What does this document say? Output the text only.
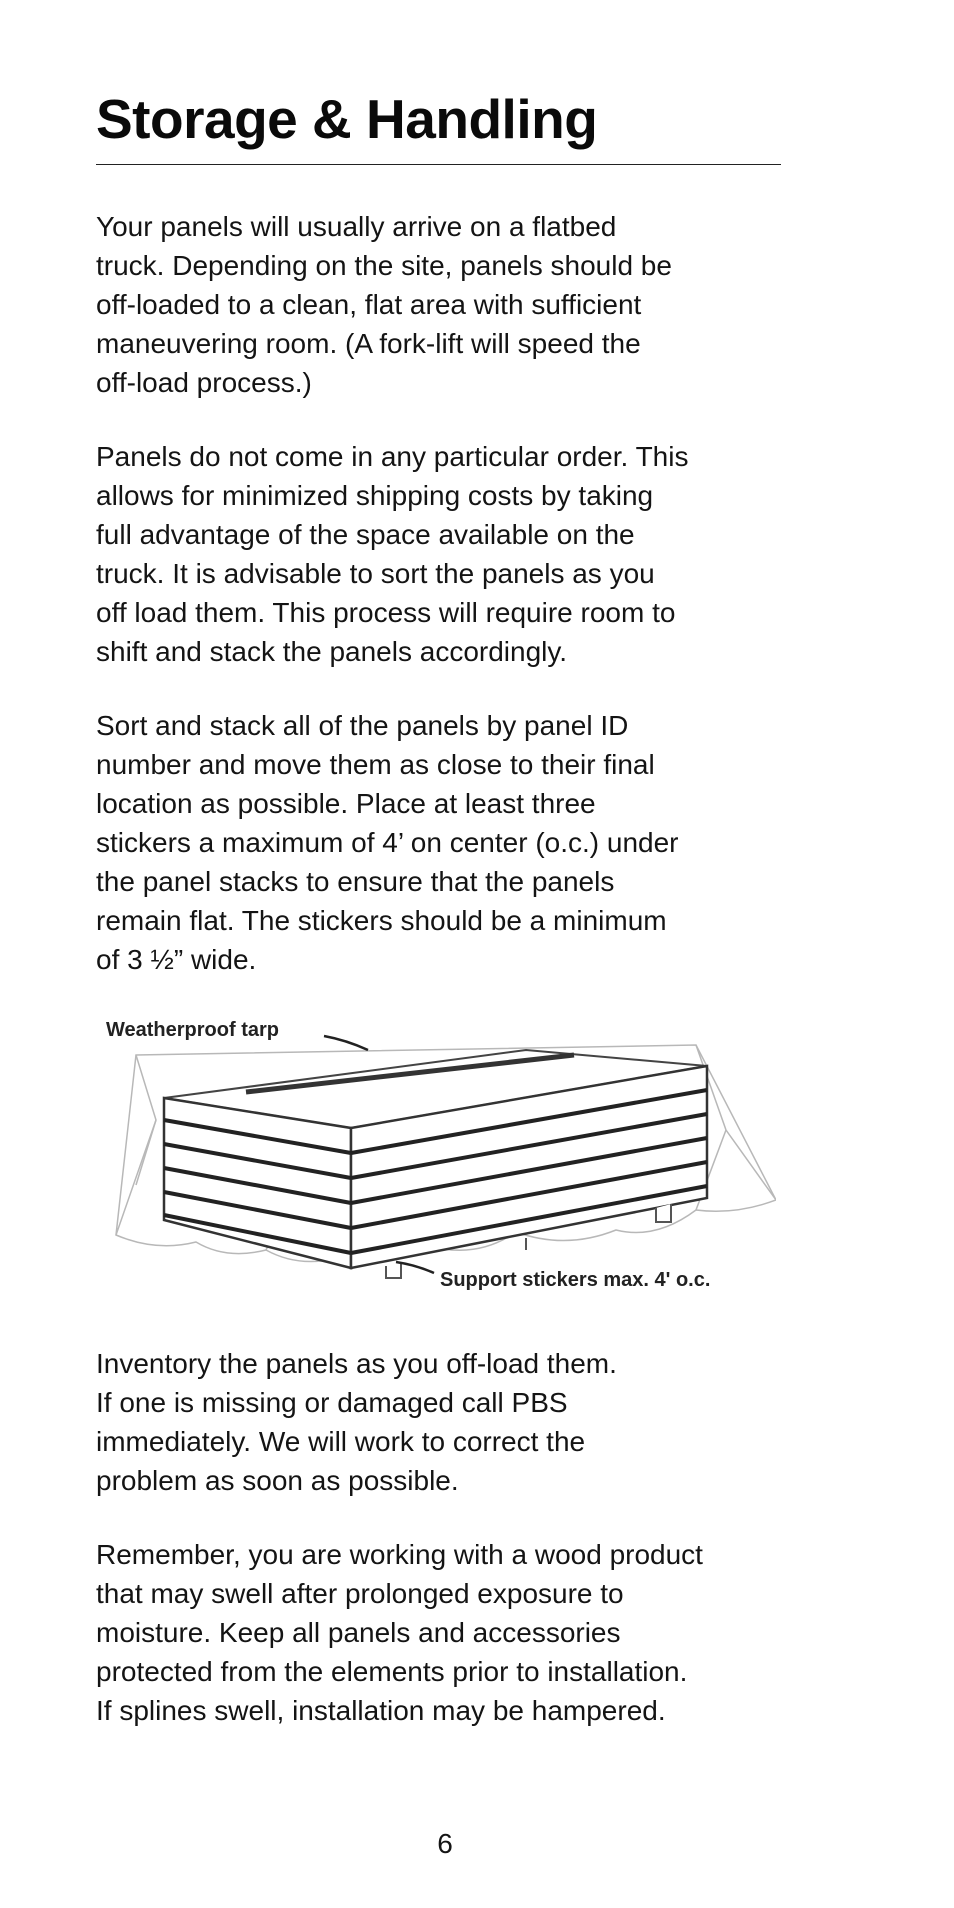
Storage & Handling

Your panels will usually arrive on a flatbed
truck. Depending on the site, panels should be
off-loaded to a clean, flat area with sufficient
maneuvering room. (A fork-lift will speed the
off-load process.)

Panels do not come in any particular order. This
allows for minimized shipping costs by taking
full advantage of the space available on the
truck. It is advisable to sort the panels as you
off load them. This process will require room to
shift and stack the panels accordingly.

Sort and stack all of the panels by panel ID
number and move them as close to their final
location as possible. Place at least three
stickers a maximum of 4’ on center (o.c.) under
the panel stacks to ensure that the panels
remain flat. The stickers should be a minimum
of 3 ½” wide.

Weatherproof tarp
Support stickers max. 4' o.c.

Inventory the panels as you off-load them.
If one is missing or damaged call PBS
immediately. We will work to correct the
problem as soon as possible.

Remember, you are working with a wood product
that may swell after prolonged exposure to
moisture. Keep all panels and accessories
protected from the elements prior to installation.
If splines swell, installation may be hampered.

6
